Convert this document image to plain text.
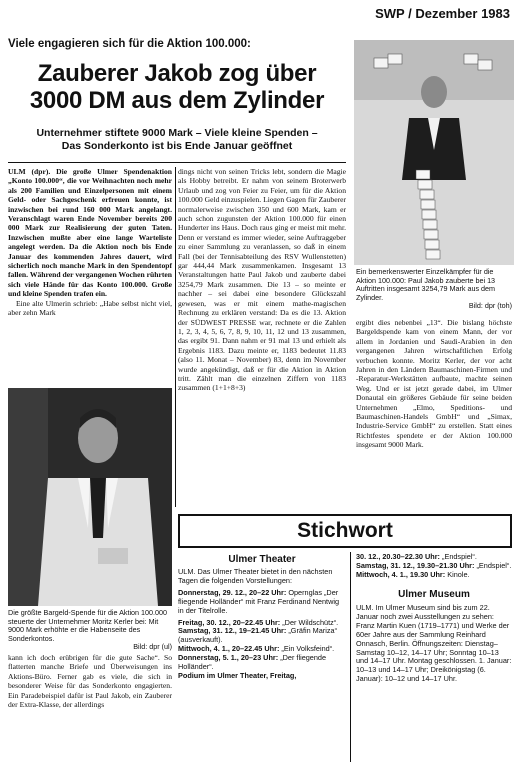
SWP / Dezember 1983
Viele engagieren sich für die Aktion 100.000:
Zauberer Jakob zog über
3000 DM aus dem Zylinder
Unternehmer stiftete 9000 Mark – Viele kleine Spenden –
Das Sonderkonto ist bis Ende Januar geöffnet
Ein bemerkenswerter Einzelkämpfer für die Aktion 100.000: Paul Jakob zauberte bei 13 Auftritten insgesamt 3254,79 Mark aus dem Zylinder.
Bild: dpr (toh)

ULM (dpr). Die große Ulmer Spendenaktion „Konto 100.000“, die vor Weihnachten noch mehr als 200 Familien und Einzelpersonen mit einem Geld- oder Sachgeschenk erfreuen konnte, ist inzwischen bei rund 160 000 Mark angelangt. Veranschlagt waren Ende November bereits 200 000 Mark zur Realisierung der guten Taten. Inzwischen mußte aber eine lange Warteliste angelegt werden. Da die Aktion noch bis Ende Januar des kommenden Jahres dauert, wird sicherlich noch manche Mark in den Spendentopf fallen. Während der vergangenen Wochen rührten sich viele Hände für das Konto 100.000. Große und kleine Spenden trafen ein.

Eine alte Ulmerin schrieb: „Habe selbst nicht viel, aber zehn Mark

Die größte Bargeld-Spende für die Aktion 100.000 steuerte der Unternehmer Moritz Kerler bei: Mit 9000 Mark erhöhte er die Habenseite des Sonderkontos.
Bild: dpr (ul)

kann ich doch erübrigen für die gute Sache“. So flatterten manche Briefe und Überweisungen ins Aktions-Büro. Ferner gab es viele, die sich in besonderer Weise für das Sonderkonto engagierten. Ein Paradebeispiel dafür ist Paul Jakob, ein Zauberer der Extra-Klasse, der allerdings

dings nicht von seinen Tricks lebt, sondern die Magie als Hobby betreibt. Er nahm von seinem Broterwerb Urlaub und zog von Feier zu Feier, um für die Aktion 100.000 Geld einzuspielen. Liegen Gagen für Zauberer normalerweise zwischen 350 und 600 Mark, kam er auch schon zugunsten der Aktion 100.000 für einen Hunderter ins Haus. Doch raus ging er meist mit mehr. Denn er verstand es immer wieder, seine Auftraggeber zu einer Sammlung zu veranlassen, so daß in einem Fall (bei der Tennisabteilung des RSV Wullenstetten) gar 444,44 Mark zusammenkamen. Insgesamt 13 Veranstaltungen hatte Paul Jakob und zauberte dabei 3254,79 Mark zusammen. Die 13 – so meinte er nachher – sei dabei eine besondere Glückszahl gewesen, was er mit einem mathe-magischen Rechnung zu erklären verstand: Da es die 13. Aktion der SÜDWEST PRESSE war, rechnete er die Zahlen 1, 2, 3, 4, 5, 6, 7, 8, 9, 10, 11, 12 und 13 zusammen, das ergibt 91. Dann nahm er 91 mal 13 und erhielt als Ergebnis 1183. Dazu meinte er, 1183 bedeutet 11.83 (also 11. Monat – November) 83, denn im November wurde angekündigt, daß er für die Aktion in Aktion tritt. Zählt man die einzelnen Ziffern von 1183 zusammen (1+1+8+3)

ergibt dies nebenbei „13“. Die bislang höchste Bargeldspende kam von einem Mann, der vor allem in Jordanien und Saudi-Arabien in den vergangenen Jahren wirtschaftlichen Erfolg verbuchen konnte. Moritz Kerler, der vor acht Jahren in den Ländern Baumaschinen-Firmen und -Reparatur-Werkstätten aufbaute, machte seinen Weg. Und er ist jetzt gerade dabei, im Ulmer Donautal ein größeres Gebäude für seine beiden Unternehmen „Elmo, Speditions- und Baumaschinen-Handels GmbH“ und „Simax, Industrie-Service GmbH“ zu erstellen. Statt eines Richtfestes spendete er der Aktion 100.000 insgesamt 9000 Mark.

Stichwort
Ulmer Theater

ULM. Das Ulmer Theater bietet in den nächsten Tagen die folgenden Vorstellungen:

Donnerstag, 29. 12., 20–22 Uhr: Opernglas „Der fliegende Holländer“ mit Franz Ferdinand Nentwig in der Titelrolle.

Freitag, 30. 12., 20–22.45 Uhr: „Der Wildschütz“.

Samstag, 31. 12., 19–21.45 Uhr: „Gräfin Mariza“ (ausverkauft).

Mittwoch, 4. 1., 20–22.45 Uhr: „Ein Volksfeind“.

Donnerstag, 5. 1., 20–23 Uhr: „Der fliegende Holländer“.

Podium im Ulmer Theater, Freitag,

30. 12., 20.30–22.30 Uhr: „Endspiel“.

Samstag, 31. 12., 19.30–21.30 Uhr: „Endspiel“.

Mittwoch, 4. 1., 19.30 Uhr: Kinole.

Ulmer Museum

ULM. Im Ulmer Museum sind bis zum 22. Januar noch zwei Ausstellungen zu sehen: Franz Martin Kuen (1719–1771) und Werke der 60er Jahre aus der Sammlung Reinhard Onnasch, Berlin. Öffnungszeiten: Dienstag–Samstag 10–12, 14–17 Uhr; Sonntag 10–13 und 14–17 Uhr. Montag geschlossen. 1. Januar: 10–13 und 14–17 Uhr; Dreikönigstag (6. Januar): 10–12 und 14–17 Uhr.
